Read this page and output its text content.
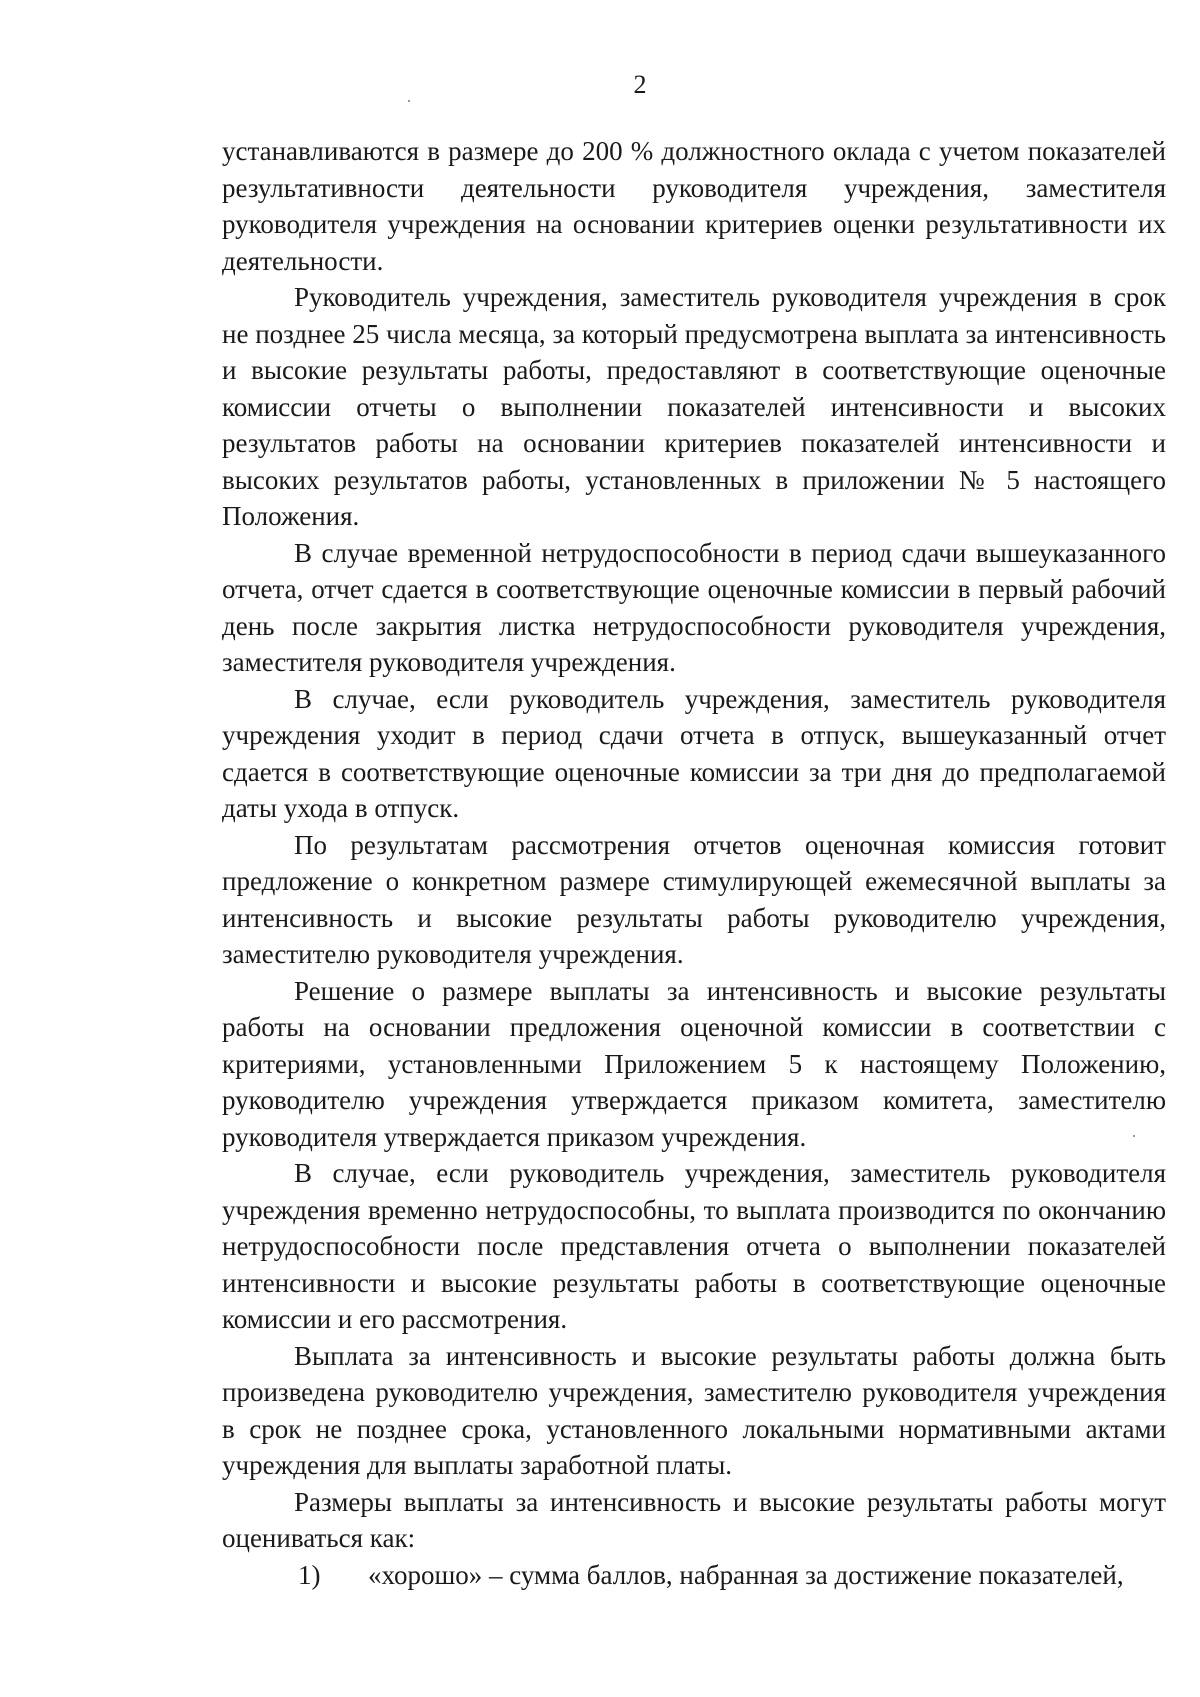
2

устанавливаются в размере до 200 % должностного оклада с учетом показателей результативности деятельности руководителя учреждения, заместителя руководителя учреждения на основании критериев оценки результативности их деятельности.

Руководитель учреждения, заместитель руководителя учреждения в срок не позднее 25 числа месяца, за который предусмотрена выплата за интенсивность и высокие результаты работы, предоставляют в соответствующие оценочные комиссии отчеты о выполнении показателей интенсивности и высоких результатов работы на основании критериев показателей интенсивности и высоких результатов работы, установленных в приложении № 5 настоящего Положения.

В случае временной нетрудоспособности в период сдачи вышеуказанного отчета, отчет сдается в соответствующие оценочные комиссии в первый рабочий день после закрытия листка нетрудоспособности руководителя учреждения, заместителя руководителя учреждения.

В случае, если руководитель учреждения, заместитель руководителя учреждения уходит в период сдачи отчета в отпуск, вышеуказанный отчет сдается в соответствующие оценочные комиссии за три дня до предполагаемой даты ухода в отпуск.

По результатам рассмотрения отчетов оценочная комиссия готовит предложение о конкретном размере стимулирующей ежемесячной выплаты за интенсивность и высокие результаты работы руководителю учреждения, заместителю руководителя учреждения.

Решение о размере выплаты за интенсивность и высокие результаты работы на основании предложения оценочной комиссии в соответствии с критериями, установленными Приложением 5 к настоящему Положению, руководителю учреждения утверждается приказом комитета, заместителю руководителя утверждается приказом учреждения.

В случае, если руководитель учреждения, заместитель руководителя учреждения временно нетрудоспособны, то выплата производится по окончанию нетрудоспособности после представления отчета о выполнении показателей интенсивности и высокие результаты работы в соответствующие оценочные комиссии и его рассмотрения.

Выплата за интенсивность и высокие результаты работы должна быть произведена руководителю учреждения, заместителю руководителя учреждения в срок не позднее срока, установленного локальными нормативными актами учреждения для выплаты заработной платы.

Размеры выплаты за интенсивность и высокие результаты работы могут оцениваться как:

1)	«хорошо» – сумма баллов, набранная за достижение показателей,
